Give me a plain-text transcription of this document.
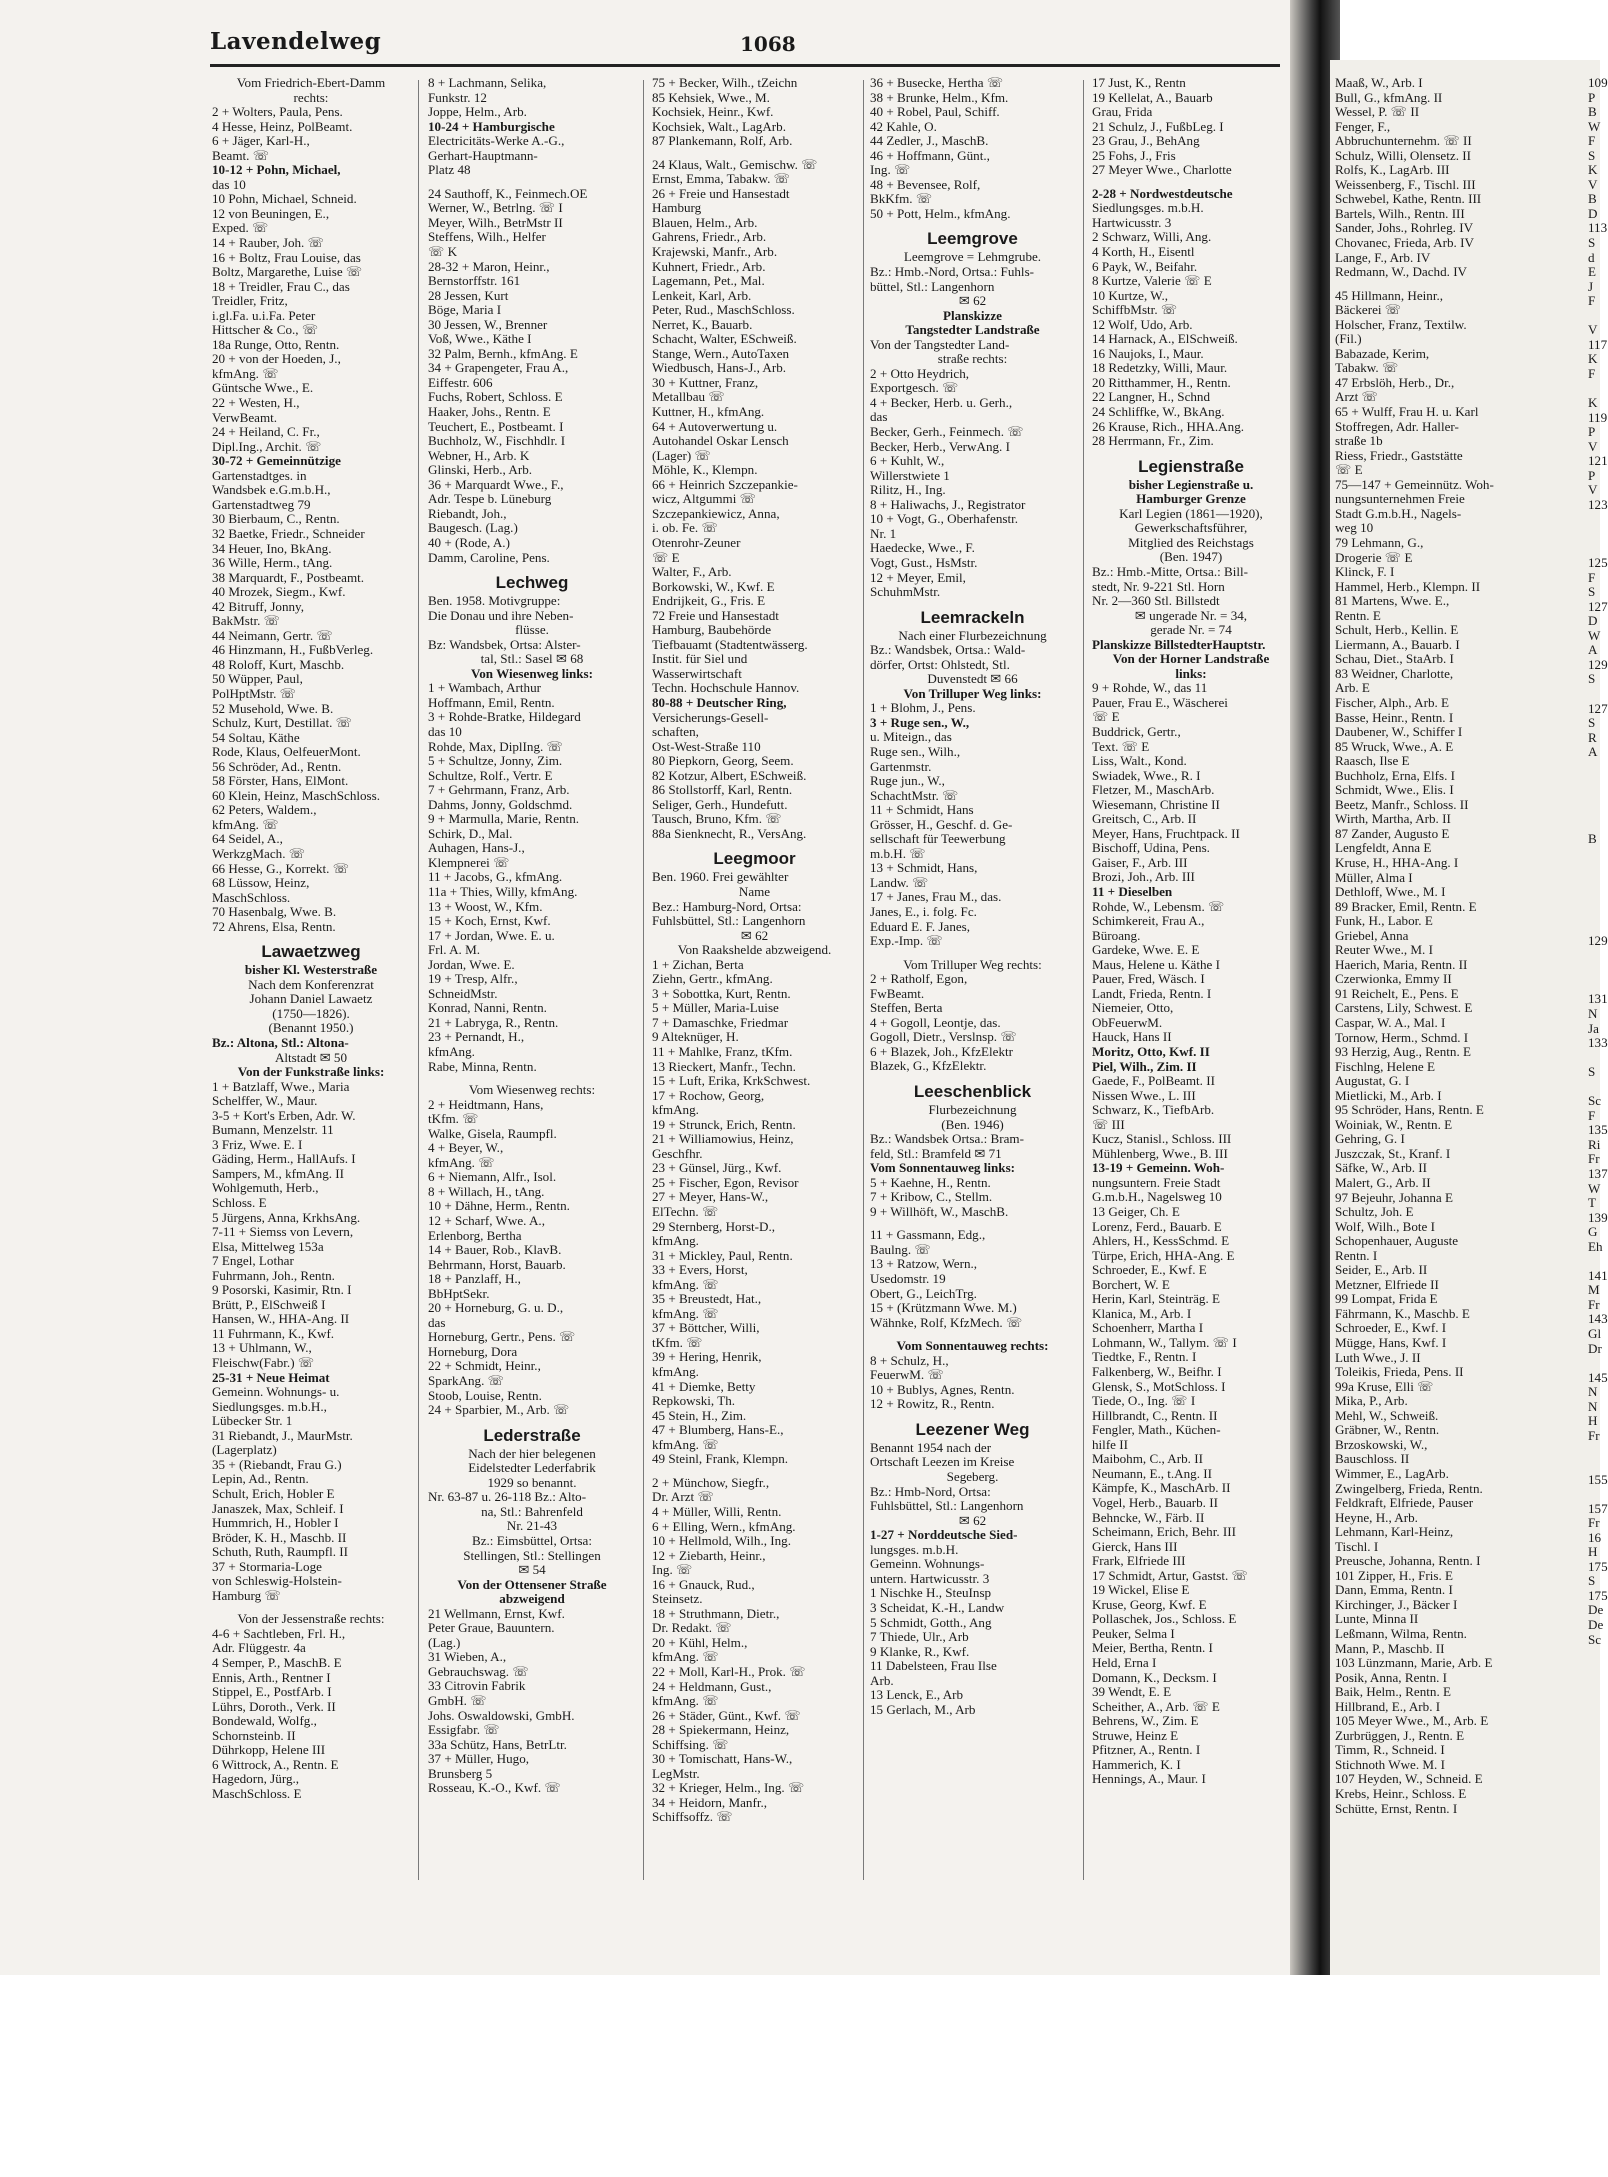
Lavendelweg	1068
Vom Friedrich-Ebert-Damm
rechts:
2 + Wolters, Paula, Pens.
4 Hesse, Heinz, PolBeamt.
6 + Jäger, Karl-H.,
Beamt. ☏
10-12 + Pohn, Michael,
das 10
10 Pohn, Michael, Schneid.
12 von Beuningen, E.,
Exped. ☏
14 + Rauber, Joh. ☏
16 + Boltz, Frau Louise, das
Boltz, Margarethe, Luise ☏
18 + Treidler, Frau C., das
Treidler, Fritz,
i.gl.Fa. u.i.Fa. Peter
Hittscher & Co., ☏
18a Runge, Otto, Rentn.
20 + von der Hoeden, J.,
kfmAng. ☏
Güntsche Wwe., E.
22 + Westen, H.,
VerwBeamt.
24 + Heiland, C. Fr.,
Dipl.Ing., Archit. ☏
30-72 + Gemeinnützige
Gartenstadtges. in
Wandsbek e.G.m.b.H.,
Gartenstadtweg 79
30 Bierbaum, C., Rentn.
32 Baetke, Friedr., Schneider
34 Heuer, Ino, BkAng.
36 Wille, Herm., tAng.
38 Marquardt, F., Postbeamt.
40 Mrozek, Siegm., Kwf.
42 Bitruff, Jonny,
BakMstr. ☏
44 Neimann, Gertr. ☏
46 Hinzmann, H., FußbVerleg.
48 Roloff, Kurt, Maschb.
50 Wüpper, Paul,
PolHptMstr. ☏
52 Musehold, Wwe. B.
Schulz, Kurt, Destillat. ☏
54 Soltau, Käthe
Rode, Klaus, OelfeuerMont.
56 Schröder, Ad., Rentn.
58 Förster, Hans, ElMont.
60 Klein, Heinz, MaschSchloss.
62 Peters, Waldem.,
kfmAng. ☏
64 Seidel, A.,
WerkzgMach. ☏
66 Hesse, G., Korrekt. ☏
68 Lüssow, Heinz,
MaschSchloss.
70 Hasenbalg, Wwe. B.
72 Ahrens, Elsa, Rentn.
Lawaetzweg
bisher Kl. Westerstraße
Nach dem Konferenzrat
Johann Daniel Lawaetz
(1750—1826).
(Benannt 1950.)
Bz.: Altona, Stl.: Altona-
Altstadt ✉ 50
Von der Funkstraße links:
1 + Batzlaff, Wwe., Maria
Schelffer, W., Maur.
3-5 + Kort's Erben, Adr. W.
Bumann, Menzelstr. 11
3 Friz, Wwe. E. I
Gäding, Herm., HallAufs. I
Sampers, M., kfmAng. II
Wohlgemuth, Herb.,
Schloss. E
5 Jürgens, Anna, KrkhsAng.
7-11 + Siemss von Levern,
Elsa, Mittelweg 153a
7 Engel, Lothar
Fuhrmann, Joh., Rentn.
9 Posorski, Kasimir, Rtn. I
Brütt, P., ElSchweiß I
Hansen, W., HHA-Ang. II
11 Fuhrmann, K., Kwf.
13 + Uhlmann, W.,
Fleischw(Fabr.) ☏
25-31 + Neue Heimat
Gemeinn. Wohnungs- u.
Siedlungsges. m.b.H.,
Lübecker Str. 1
31 Riebandt, J., MaurMstr.
(Lagerplatz)
35 + (Riebandt, Frau G.)
Lepin, Ad., Rentn.
Schult, Erich, Hobler E
Janaszek, Max, Schleif. I
Hummrich, H., Hobler I
Bröder, K. H., Maschb. II
Schuth, Ruth, Raumpfl. II
37 + Stormaria-Loge
von Schleswig-Holstein-
Hamburg ☏
Von der Jessenstraße rechts:
4-6 + Sachtleben, Frl. H.,
Adr. Flüggestr. 4a
4 Semper, P., MaschB. E
Ennis, Arth., Rentner I
Stippel, E., PostfArb. I
Lührs, Doroth., Verk. II
Bondewald, Wolfg.,
Schornsteinb. II
Dührkopp, Helene III
6 Wittrock, A., Rentn. E
Hagedorn, Jürg.,
MaschSchloss. E
8 + Lachmann, Selika,
Funkstr. 12
Joppe, Helm., Arb.
10-24 + Hamburgische
Electricitäts-Werke A.-G.,
Gerhart-Hauptmann-
Platz 48
24 Sauthoff, K., Feinmech.OE
Werner, W., Betrlng. ☏ I
Meyer, Wilh., BetrMstr II
Steffens, Wilh., Helfer
☏ K
28-32 + Maron, Heinr.,
Bernstorffstr. 161
28 Jessen, Kurt
Böge, Maria I
30 Jessen, W., Brenner
Voß, Wwe., Käthe I
32 Palm, Bernh., kfmAng. E
34 + Grapengeter, Frau A.,
Eiffestr. 606
Fuchs, Robert, Schloss. E
Haaker, Johs., Rentn. E
Teuchert, E., Postbeamt. I
Buchholz, W., Fischhdlr. I
Webner, H., Arb. K
Glinski, Herb., Arb.
36 + Marquardt Wwe., F.,
Adr. Tespe b. Lüneburg
Riebandt, Joh.,
Baugesch. (Lag.)
40 + (Rode, A.)
Damm, Caroline, Pens.
Lechweg
Ben. 1958. Motivgruppe:
Die Donau und ihre Neben-
flüsse.
Bz: Wandsbek, Ortsa: Alster-
tal, Stl.: Sasel ✉ 68
Von Wiesenweg links:
1 + Wambach, Arthur
Hoffmann, Emil, Rentn.
3 + Rohde-Bratke, Hildegard
das 10
Rohde, Max, DiplIng. ☏
5 + Schultze, Jonny, Zim.
Schultze, Rolf., Vertr. E
7 + Gehrmann, Franz, Arb.
Dahms, Jonny, Goldschmd.
9 + Marmulla, Marie, Rentn.
Schirk, D., Mal.
Auhagen, Hans-J.,
Klempnerei ☏
11 + Jacobs, G., kfmAng.
11a + Thies, Willy, kfmAng.
13 + Woost, W., Kfm.
15 + Koch, Ernst, Kwf.
17 + Jordan, Wwe. E. u.
Frl. A. M.
Jordan, Wwe. E.
19 + Tresp, Alfr.,
SchneidMstr.
Konrad, Nanni, Rentn.
21 + Labryga, R., Rentn.
23 + Pernandt, H.,
kfmAng.
Rabe, Minna, Rentn.
Vom Wiesenweg rechts:
2 + Heidtmann, Hans,
tKfm. ☏
Walke, Gisela, Raumpfl.
4 + Beyer, W.,
kfmAng. ☏
6 + Niemann, Alfr., Isol.
8 + Willach, H., tAng.
10 + Dähne, Herm., Rentn.
12 + Scharf, Wwe. A.,
Erlenborg, Bertha
14 + Bauer, Rob., KlavB.
Behrmann, Horst, Bauarb.
18 + Panzlaff, H.,
BbHptSekr.
20 + Horneburg, G. u. D.,
das
Horneburg, Gertr., Pens. ☏
Horneburg, Dora
22 + Schmidt, Heinr.,
SparkAng. ☏
Stoob, Louise, Rentn.
24 + Sparbier, M., Arb. ☏
Lederstraße
Nach der hier belegenen
Eidelstedter Lederfabrik
1929 so benannt.
Nr. 63-87 u. 26-118 Bz.: Alto-
na, Stl.: Bahrenfeld
Nr. 21-43
Bz.: Eimsbüttel, Ortsa:
Stellingen, Stl.: Stellingen
✉ 54
Von der Ottensener Straße
abzweigend
21 Wellmann, Ernst, Kwf.
Peter Graue, Bauuntern.
(Lag.)
31 Wieben, A.,
Gebrauchswag. ☏
33 Citrovin Fabrik
GmbH. ☏
Johs. Oswaldowski, GmbH.
Essigfabr. ☏
33a Schütz, Hans, BetrLtr.
37 + Müller, Hugo,
Brunsberg 5
Rosseau, K.-O., Kwf. ☏
75 + Becker, Wilh., tZeichn
85 Kehsiek, Wwe., M.
Kochsiek, Heinr., Kwf.
Kochsiek, Walt., LagArb.
87 Plankemann, Rolf, Arb.
24 Klaus, Walt., Gemischw. ☏
Ernst, Emma, Tabakw. ☏
26 + Freie und Hansestadt
Hamburg
Blauen, Helm., Arb.
Gahrens, Friedr., Arb.
Krajewski, Manfr., Arb.
Kuhnert, Friedr., Arb.
Lagemann, Pet., Mal.
Lenkeit, Karl, Arb.
Peter, Rud., MaschSchloss.
Nerret, K., Bauarb.
Schacht, Walter, ESchweiß.
Stange, Wern., AutoTaxen
Wiedbusch, Hans-J., Arb.
30 + Kuttner, Franz,
Metallbau ☏
Kuttner, H., kfmAng.
64 + Autoverwertung u.
Autohandel Oskar Lensch
(Lager) ☏
Möhle, K., Klempn.
66 + Heinrich Szczepankie-
wicz, Altgummi ☏
Szczepankiewicz, Anna,
i. ob. Fe. ☏
Otenrohr-Zeuner
☏ E
Walter, F., Arb.
Borkowski, W., Kwf. E
Endrijkeit, G., Fris. E
72 Freie und Hansestadt
Hamburg, Baubehörde
Tiefbauamt (Stadtentwässerg.
Instit. für Siel und
Wasserwirtschaft
Techn. Hochschule Hannov.
80-88 + Deutscher Ring,
Versicherungs-Gesell-
schaften,
Ost-West-Straße 110
80 Piepkorn, Georg, Seem.
82 Kotzur, Albert, ESchweiß.
86 Stollstorff, Karl, Rentn.
Seliger, Gerh., Hundefutt.
Tausch, Bruno, Kfm. ☏
88a Sienknecht, R., VersAng.
Leegmoor
Ben. 1960. Frei gewählter
Name
Bez.: Hamburg-Nord, Ortsa:
Fuhlsbüttel, Stl.: Langenhorn
✉ 62
Von Raakshelde abzweigend.
1 + Zichan, Berta
Ziehn, Gertr., kfmAng.
3 + Sobottka, Kurt, Rentn.
5 + Müller, Maria-Luise
7 + Damaschke, Friedmar
9 Alteknüger, H.
11 + Mahlke, Franz, tKfm.
13 Rieckert, Manfr., Techn.
15 + Luft, Erika, KrkSchwest.
17 + Rochow, Georg,
kfmAng.
19 + Strunck, Erich, Rentn.
21 + Williamowius, Heinz,
Geschfhr.
23 + Günsel, Jürg., Kwf.
25 + Fischer, Egon, Revisor
27 + Meyer, Hans-W.,
ElTechn. ☏
29 Sternberg, Horst-D.,
kfmAng.
31 + Mickley, Paul, Rentn.
33 + Evers, Horst,
kfmAng. ☏
35 + Breustedt, Hat.,
kfmAng. ☏
37 + Böttcher, Willi,
tKfm. ☏
39 + Hering, Henrik,
kfmAng.
41 + Diemke, Betty
Repkowski, Th.
45 Stein, H., Zim.
47 + Blumberg, Hans-E.,
kfmAng. ☏
49 Steinl, Frank, Klempn.
2 + Münchow, Siegfr.,
Dr. Arzt ☏
4 + Müller, Willi, Rentn.
6 + Elling, Wern., kfmAng.
10 + Hellmold, Wilh., Ing.
12 + Ziebarth, Heinr.,
Ing. ☏
16 + Gnauck, Rud.,
Steinsetz.
18 + Struthmann, Dietr.,
Dr. Redakt. ☏
20 + Kühl, Helm.,
kfmAng. ☏
22 + Moll, Karl-H., Prok. ☏
24 + Heldmann, Gust.,
kfmAng. ☏
26 + Städer, Günt., Kwf. ☏
28 + Spiekermann, Heinz,
Schiffsing. ☏
30 + Tomischatt, Hans-W.,
LegMstr.
32 + Krieger, Helm., Ing. ☏
34 + Heidorn, Manfr.,
Schiffsoffz. ☏
36 + Busecke, Hertha ☏
38 + Brunke, Helm., Kfm.
40 + Robel, Paul, Schiff.
42 Kahle, O.
44 Zedler, J., MaschB.
46 + Hoffmann, Günt.,
Ing. ☏
48 + Bevensee, Rolf,
BkKfm. ☏
50 + Pott, Helm., kfmAng.
Leemgrove
Leemgrove = Lehmgrube.
Bz.: Hmb.-Nord, Ortsa.: Fuhls-
büttel, Stl.: Langenhorn
✉ 62
Planskizze
Tangstedter Landstraße
Von der Tangstedter Land-
straße rechts:
2 + Otto Heydrich,
Exportgesch. ☏
4 + Becker, Herb. u. Gerh.,
das
Becker, Gerh., Feinmech. ☏
Becker, Herb., VerwAng. I
6 + Kuhlt, W.,
Willerstwiete 1
Rilitz, H., Ing.
8 + Haliwachs, J., Registrator
10 + Vogt, G., Oberhafenstr.
Nr. 1
Haedecke, Wwe., F.
Vogt, Gust., HsMstr.
12 + Meyer, Emil,
SchuhmMstr.
Leemrackeln
Nach einer Flurbezeichnung
Bz.: Wandsbek, Ortsa.: Wald-
dörfer, Ortst: Ohlstedt, Stl.
Duvenstedt ✉ 66
Von Trilluper Weg links:
1 + Blohm, J., Pens.
3 + Ruge sen., W.,
u. Miteign., das
Ruge sen., Wilh.,
Gartenmstr.
Ruge jun., W.,
SchachtMstr. ☏
11 + Schmidt, Hans
Grösser, H., Geschf. d. Ge-
sellschaft für Teewerbung
m.b.H. ☏
13 + Schmidt, Hans,
Landw. ☏
17 + Janes, Frau M., das.
Janes, E., i. folg. Fc.
Eduard E. F. Janes,
Exp.-Imp. ☏
Vom Trilluper Weg rechts:
2 + Ratholf, Egon,
FwBeamt.
Steffen, Berta
4 + Gogoll, Leontje, das.
Gogoll, Dietr., Verslnsp. ☏
6 + Blazek, Joh., KfzElektr
Blazek, G., KfzElektr.
Leeschenblick
Flurbezeichnung
(Ben. 1946)
Bz.: Wandsbek Ortsa.: Bram-
feld, Stl.: Bramfeld ✉ 71
Vom Sonnentauweg links:
5 + Kaehne, H., Rentn.
7 + Kribow, C., Stellm.
9 + Willhöft, W., MaschB.
11 + Gassmann, Edg.,
Baulng. ☏
13 + Ratzow, Wern.,
Usedomstr. 19
Obert, G., LeichTrg.
15 + (Krützmann Wwe. M.)
Wähnke, Rolf, KfzMech. ☏
Vom Sonnentauweg rechts:
8 + Schulz, H.,
FeuerwM. ☏
10 + Bublys, Agnes, Rentn.
12 + Rowitz, R., Rentn.
Leezener Weg
Benannt 1954 nach der
Ortschaft Leezen im Kreise
Segeberg.
Bz.: Hmb-Nord, Ortsa:
Fuhlsbüttel, Stl.: Langenhorn
✉ 62
1-27 + Norddeutsche Sied-
lungsges. m.b.H.
Gemeinn. Wohnungs-
untern. Hartwicusstr. 3
1 Nischke H., SteuInsp
3 Scheidat, K.-H., Landw
5 Schmidt, Gotth., Ang
7 Thiede, Ulr., Arb
9 Klanke, R., Kwf.
11 Dabelsteen, Frau Ilse
Arb.
13 Lenck, E., Arb
15 Gerlach, M., Arb
17 Just, K., Rentn
19 Kellelat, A., Bauarb
Grau, Frida
21 Schulz, J., FußbLeg. I
23 Grau, J., BehAng
25 Fohs, J., Fris
27 Meyer Wwe., Charlotte
2-28 + Nordwestdeutsche
Siedlungsges. m.b.H.
Hartwicusstr. 3
2 Schwarz, Willi, Ang.
4 Korth, H., Eisentl
6 Payk, W., Beifahr.
8 Kurtze, Valerie ☏ E
10 Kurtze, W.,
SchiffbMstr. ☏
12 Wolf, Udo, Arb.
14 Harnack, A., ElSchweiß.
16 Naujoks, I., Maur.
18 Redetzky, Willi, Maur.
20 Ritthammer, H., Rentn.
22 Langner, H., Schnd
24 Schliffke, W., BkAng.
26 Krause, Rich., HHA.Ang.
28 Herrmann, Fr., Zim.
Legienstraße
bisher Legienstraße u.
Hamburger Grenze
Karl Legien (1861—1920),
Gewerkschaftsführer,
Mitglied des Reichstags
(Ben. 1947)
Bz.: Hmb.-Mitte, Ortsa.: Bill-
stedt, Nr. 9-221 Stl. Horn
Nr. 2—360 Stl. Billstedt
✉ ungerade Nr. = 34,
gerade Nr. = 74
Planskizze BillstedterHauptstr.
Von der Horner Landstraße
links:
9 + Rohde, W., das 11
Pauer, Frau E., Wäscherei
☏ E
Buddrick, Gertr.,
Text. ☏ E
Liss, Walt., Kond.
Swiadek, Wwe., R. I
Fletzer, M., MaschArb.
Wiesemann, Christine II
Greitsch, C., Arb. II
Meyer, Hans, Fruchtpack. II
Bischoff, Udina, Pens.
Gaiser, F., Arb. III
Brozi, Joh., Arb. III
11 + Dieselben
Rohde, W., Lebensm. ☏
Schimkereit, Frau A.,
Büroang.
Gardeke, Wwe. E. E
Maus, Helene u. Käthe I
Pauer, Fred, Wäsch. I
Landt, Frieda, Rentn. I
Niemeier, Otto,
ObFeuerwM.
Hauck, Hans II
Moritz, Otto, Kwf. II
Piel, Wilh., Zim. II
Gaede, F., PolBeamt. II
Nissen Wwe., L. III
Schwarz, K., TiefbArb.
☏ III
Kucz, Stanisl., Schloss. III
Mühlenberg, Wwe., B. III
13-19 + Gemeinn. Woh-
nungsuntern. Freie Stadt
G.m.b.H., Nagelsweg 10
13 Geiger, Ch. E
Lorenz, Ferd., Bauarb. E
Ahlers, H., KessSchmd. E
Türpe, Erich, HHA-Ang. E
Schroeder, E., Kwf. E
Borchert, W. E
Herin, Karl, Steinträg. E
Klanica, M., Arb. I
Schoenherr, Martha I
Lohmann, W., Tallym. ☏ I
Tiedtke, F., Rentn. I
Falkenberg, W., Beifhr. I
Glensk, S., MotSchloss. I
Tiede, O., Ing. ☏ I
Hillbrandt, C., Rentn. II
Fengler, Math., Küchen-
hilfe II
Maibohm, C., Arb. II
Neumann, E., t.Ang. II
Kämpfe, K., MaschArb. II
Vogel, Herb., Bauarb. II
Behncke, W., Färb. II
Scheimann, Erich, Behr. III
Gierck, Hans III
Frark, Elfriede III
17 Schmidt, Artur, Gastst. ☏
19 Wickel, Elise E
Kruse, Georg, Kwf. E
Pollaschek, Jos., Schloss. E
Peuker, Selma I
Meier, Bertha, Rentn. I
Held, Erna I
Domann, K., Decksm. I
39 Wendt, E. E
Scheither, A., Arb. ☏ E
Behrens, W., Zim. E
Struwe, Heinz E
Pfitzner, A., Rentn. I
Hammerich, K. I
Hennings, A., Maur. I
Maaß, W., Arb. I
Bull, G., kfmAng. II
Wessel, P. ☏ II
Fenger, F.,
Abbruchunternehm. ☏ II
Schulz, Willi, Olensetz. II
Rolfs, K., LagArb. III
Weissenberg, F., Tischl. III
Schwebel, Kathe, Rentn. III
Bartels, Wilh., Rentn. III
Sander, Johs., Rohrleg. IV
Chovanec, Frieda, Arb. IV
Lange, F., Arb. IV
Redmann, W., Dachd. IV
45 Hillmann, Heinr.,
Bäckerei ☏
Holscher, Franz, Textilw.
(Fil.)
Babazade, Kerim,
Tabakw. ☏
47 Erbslöh, Herb., Dr.,
Arzt ☏
65 + Wulff, Frau H. u. Karl
Stoffregen, Adr. Haller-
straße 1b
Riess, Friedr., Gaststätte
☏ E
75—147 + Gemeinnütz. Woh-
nungsunternehmen Freie
Stadt G.m.b.H., Nagels-
weg 10
79 Lehmann, G.,
Drogerie ☏ E
Klinck, F. I
Hammel, Herb., Klempn. II
81 Martens, Wwe. E.,
Rentn. E
Schult, Herb., Kellin. E
Liermann, A., Bauarb. I
Schau, Diet., StaArb. I
83 Weidner, Charlotte,
Arb. E
Fischer, Alph., Arb. E
Basse, Heinr., Rentn. I
Daubener, W., Schiffer I
85 Wruck, Wwe., A. E
Raasch, Ilse E
Buchholz, Erna, Elfs. I
Schmidt, Wwe., Elis. I
Beetz, Manfr., Schloss. II
Wirth, Martha, Arb. II
87 Zander, Augusto E
Lengfeldt, Anna E
Kruse, H., HHA-Ang. I
Müller, Alma I
Dethloff, Wwe., M. I
89 Bracker, Emil, Rentn. E
Funk, H., Labor. E
Griebel, Anna
Reuter Wwe., M. I
Haerich, Maria, Rentn. II
Czerwionka, Emmy II
91 Reichelt, E., Pens. E
Carstens, Lily, Schwest. E
Caspar, W. A., Mal. I
Tornow, Herm., Schmd. I
93 Herzig, Aug., Rentn. E
Fischlng, Helene E
Augustat, G. I
Mietlicki, M., Arb. I
95 Schröder, Hans, Rentn. E
Woiniak, W., Rentn. E
Gehring, G. I
Juszczak, St., Kranf. I
Säfke, W., Arb. II
Malert, G., Arb. II
97 Bejeuhr, Johanna E
Schultz, Joh. E
Wolf, Wilh., Bote I
Schopenhauer, Auguste
Rentn. I
Seider, E., Arb. II
Metzner, Elfriede II
99 Lompat, Frida E
Fährmann, K., Maschb. E
Schroeder, E., Kwf. I
Mügge, Hans, Kwf. I
Luth Wwe., J. II
Toleikis, Frieda, Pens. II
99a Kruse, Elli ☏
Mika, P., Arb.
Mehl, W., Schweiß.
Gräbner, W., Rentn.
Brzoskowski, W.,
Bauschloss. II
Wimmer, E., LagArb.
Zwingelberg, Frieda, Rentn.
Feldkraft, Elfriede, Pauser
Heyne, H., Arb.
Lehmann, Karl-Heinz,
Tischl. I
Preusche, Johanna, Rentn. I
101 Zipper, H., Fris. E
Dann, Emma, Rentn. I
Kirchinger, J., Bäcker I
Lunte, Minna II
Leßmann, Wilma, Rentn.
Mann, P., Maschb. II
103 Lünzmann, Marie, Arb. E
Posik, Anna, Rentn. I
Baik, Helm., Rentn. E
Hillbrand, E., Arb. I
105 Meyer Wwe., M., Arb. E
Zurbrüggen, J., Rentn. E
Timm, R., Schneid. I
Stichnoth Wwe. M. I
107 Heyden, W., Schneid. E
Krebs, Heinr., Schloss. E
Schütte, Ernst, Rentn. I
109
P
B
W
F
S
K
V
B
D
113
S
d
E
J
F
V
117
K
F
K
119
P
V
121
P
V
123
125
F
S
127
D
W
A
129
S
127
S
R
A
B
129
131
N
Ja
133
S
Sc
F
135
Ri
Fr
137
W
T
139
G
Eh
141
M
Fr
143
Gl
Dr
145
N
N
H
Fr
155
157
Fr
16
H
175
S
175
De
De
Sc
